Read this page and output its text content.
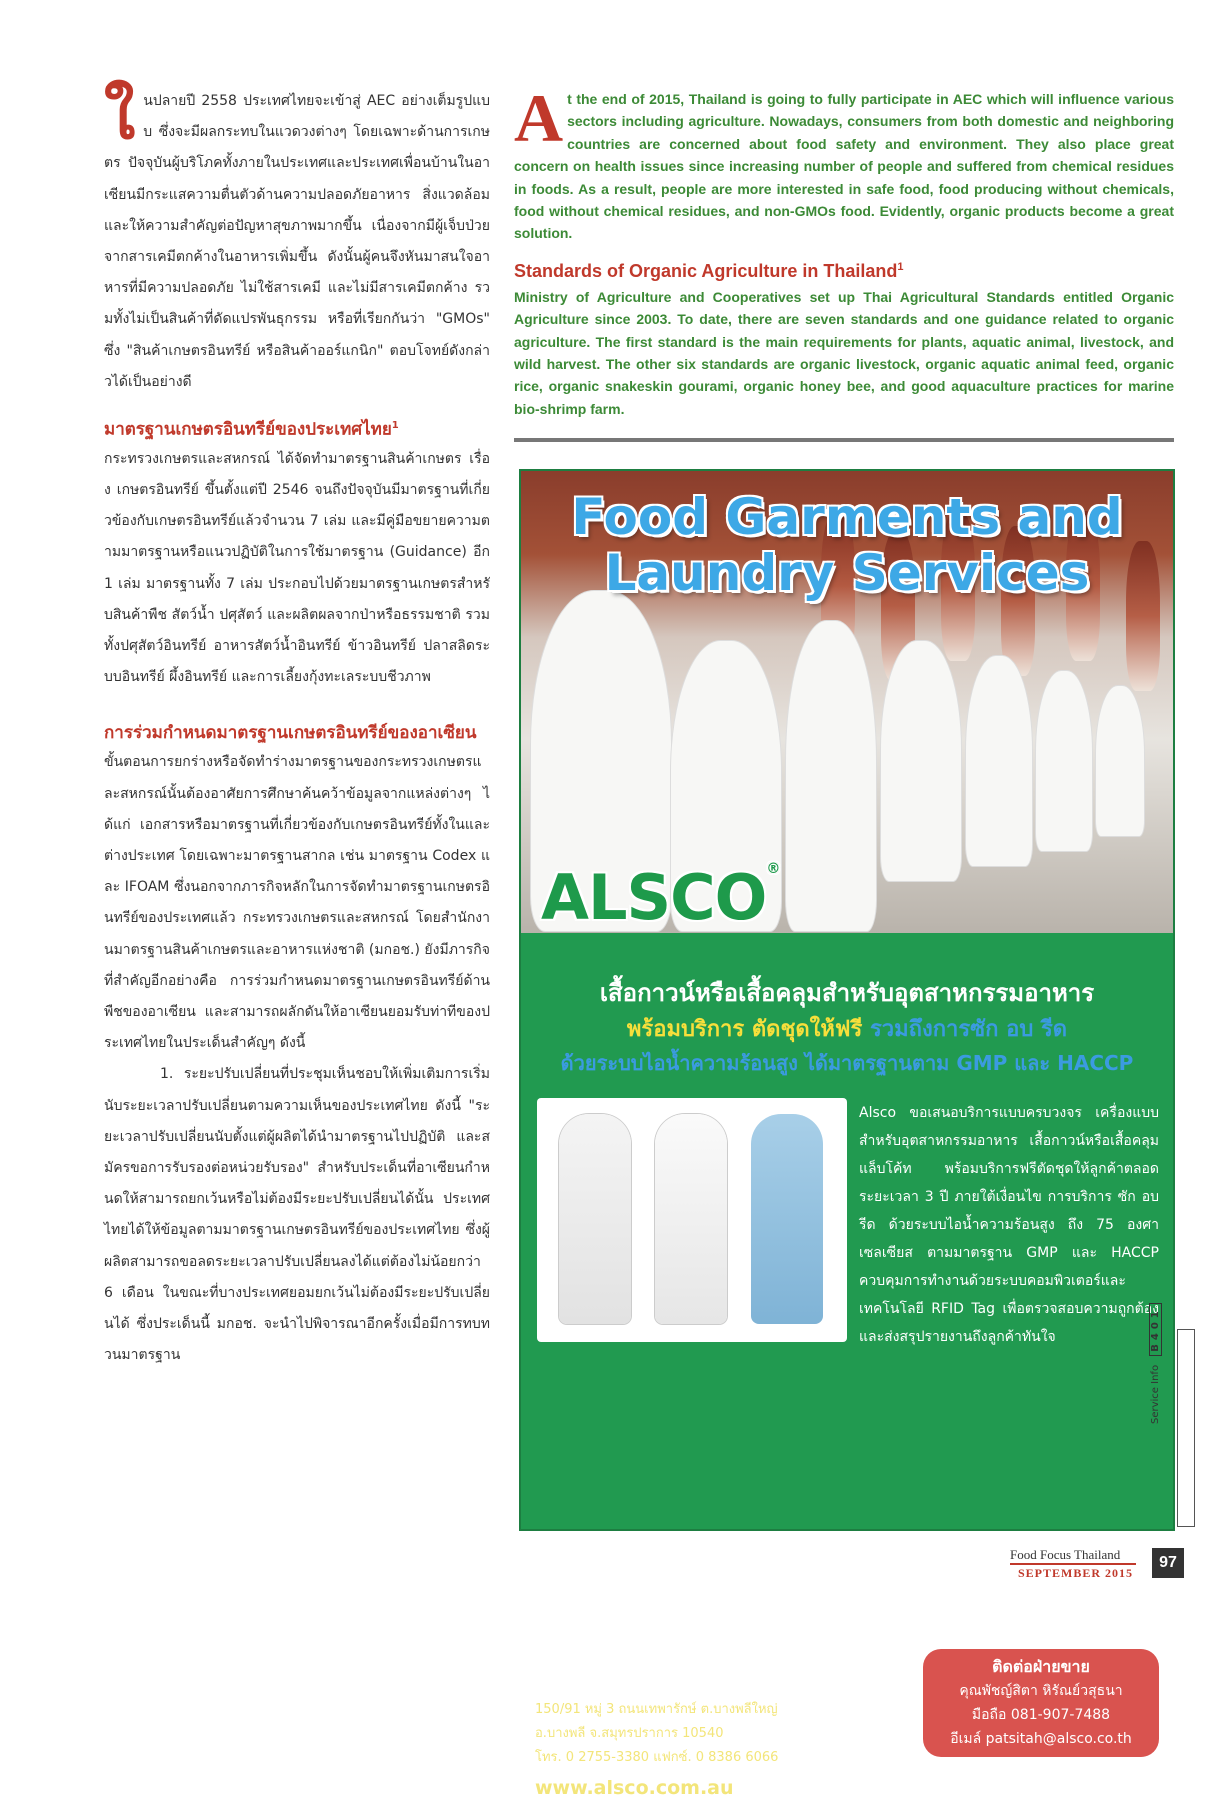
ในปลายปี 2558 ประเทศไทยจะเข้าสู่ AEC อย่างเต็มรูปแบบ ซึ่งจะมีผลกระทบในแวดวงต่างๆ โดยเฉพาะด้านการเกษตร ปัจจุบันผู้บริโภคทั้งภายในประเทศและประเทศเพื่อนบ้านในอาเซียนมีกระแสความตื่นตัวด้านความปลอดภัยอาหาร สิ่งแวดล้อม และให้ความสำคัญต่อปัญหาสุขภาพมากขึ้น เนื่องจากมีผู้เจ็บป่วยจากสารเคมีตกค้างในอาหารเพิ่มขึ้น ดังนั้นผู้คนจึงหันมาสนใจอาหารที่มีความปลอดภัย ไม่ใช้สารเคมี และไม่มีสารเคมีตกค้าง รวมทั้งไม่เป็นสินค้าที่ดัดแปรพันธุกรรม หรือที่เรียกกันว่า "GMOs" ซึ่ง "สินค้าเกษตรอินทรีย์ หรือสินค้าออร์แกนิก" ตอบโจทย์ดังกล่าวได้เป็นอย่างดี

มาตรฐานเกษตรอินทรีย์ของประเทศไทย$^1$

กระทรวงเกษตรและสหกรณ์ ได้จัดทำมาตรฐานสินค้าเกษตร เรื่อง เกษตรอินทรีย์ ขึ้นตั้งแต่ปี 2546 จนถึงปัจจุบันมีมาตรฐานที่เกี่ยวข้องกับเกษตรอินทรีย์แล้วจำนวน 7 เล่ม และมีคู่มือขยายความตามมาตรฐานหรือแนวปฏิบัติในการใช้มาตรฐาน (Guidance) อีก 1 เล่ม มาตรฐานทั้ง 7 เล่ม ประกอบไปด้วยมาตรฐานเกษตรสำหรับสินค้าพืช สัตว์น้ำ ปศุสัตว์ และผลิตผลจากป่าหรือธรรมชาติ รวมทั้งปศุสัตว์อินทรีย์ อาหารสัตว์น้ำอินทรีย์ ข้าวอินทรีย์ ปลาสลิดระบบอินทรีย์ ผึ้งอินทรีย์ และการเลี้ยงกุ้งทะเลระบบชีวภาพ

การร่วมกำหนดมาตรฐานเกษตรอินทรีย์ของอาเซียน

ขั้นตอนการยกร่างหรือจัดทำร่างมาตรฐานของกระทรวงเกษตรและสหกรณ์นั้นต้องอาศัยการศึกษาค้นคว้าข้อมูลจากแหล่งต่างๆ ได้แก่ เอกสารหรือมาตรฐานที่เกี่ยวข้องกับเกษตรอินทรีย์ทั้งในและต่างประเทศ โดยเฉพาะมาตรฐานสากล เช่น มาตรฐาน Codex และ IFOAM ซึ่งนอกจากภารกิจหลักในการจัดทำมาตรฐานเกษตรอินทรีย์ของประเทศแล้ว กระทรวงเกษตรและสหกรณ์ โดยสำนักงานมาตรฐานสินค้าเกษตรและอาหารแห่งชาติ (มกอช.) ยังมีภารกิจที่สำคัญอีกอย่างคือ การร่วมกำหนดมาตรฐานเกษตรอินทรีย์ด้านพืชของอาเซียน และสามารถผลักดันให้อาเซียนยอมรับท่าทีของประเทศไทยในประเด็นสำคัญๆ ดังนี้

1. ระยะปรับเปลี่ยนที่ประชุมเห็นชอบให้เพิ่มเติมการเริ่มนับระยะเวลาปรับเปลี่ยนตามความเห็นของประเทศไทย ดังนี้ "ระยะเวลาปรับเปลี่ยนนับตั้งแต่ผู้ผลิตได้นำมาตรฐานไปปฏิบัติ และสมัครขอการรับรองต่อหน่วยรับรอง" สำหรับประเด็นที่อาเซียนกำหนดให้สามารถยกเว้นหรือไม่ต้องมีระยะปรับเปลี่ยนได้นั้น ประเทศไทยได้ให้ข้อมูลตามมาตรฐานเกษตรอินทรีย์ของประเทศไทย ซึ่งผู้ผลิตสามารถขอลดระยะเวลาปรับเปลี่ยนลงได้แต่ต้องไม่น้อยกว่า 6 เดือน ในขณะที่บางประเทศยอมยกเว้นไม่ต้องมีระยะปรับเปลี่ยนได้ ซึ่งประเด็นนี้ มกอช. จะนำไปพิจารณาอีกครั้งเมื่อมีการทบทวนมาตรฐาน

At the end of 2015, Thailand is going to fully participate in AEC which will influence various sectors including agriculture. Nowadays, consumers from both domestic and neighboring countries are concerned about food safety and environment. They also place great concern on health issues since increasing number of people and suffered from chemical residues in foods. As a result, people are more interested in safe food, food producing without chemicals, food without chemical residues, and non-GMOs food. Evidently, organic products become a great solution.

Standards of Organic Agriculture in Thailand$^1$

Ministry of Agriculture and Cooperatives set up Thai Agricultural Standards entitled Organic Agriculture since 2003. To date, there are seven standards and one guidance related to organic agriculture. The first standard is the main requirements for plants, aquatic animal, livestock, and wild harvest. The other six standards are organic livestock, organic aquatic animal feed, organic rice, organic snakeskin gourami, organic honey bee, and good aquaculture practices for marine bio-shrimp farm.

Food Garments and
Laundry Services
ALSCO®
เสื้อกาวน์หรือเสื้อคลุมสำหรับอุตสาหกรรมอาหาร
พร้อมบริการ ตัดชุดให้ฟรี รวมถึงการซัก อบ รีด
ด้วยระบบไอน้ำความร้อนสูง ได้มาตรฐานตาม GMP และ HACCP

Alsco ขอเสนอบริการแบบครบวงจร เครื่องแบบสำหรับอุตสาหกรรมอาหาร เสื้อกาวน์หรือเสื้อคลุม แล็บโค้ท พร้อมบริการฟรีตัดชุดให้ลูกค้าตลอดระยะเวลา 3 ปี ภายใต้เงื่อนไข การบริการ ซัก อบ รีด ด้วยระบบไอน้ำความร้อนสูง ถึง 75 องศาเซลเซียส ตามมาตรฐาน GMP และ HACCP ควบคุมการทำงานด้วยระบบคอมพิวเตอร์และเทคโนโลยี RFID Tag เพื่อตรวจสอบความถูกต้องและส่งสรุปรายงานถึงลูกค้าทันใจ

บริษัท อัลส์โก เท็กซ์ไทล์ เซอร์วิส จำกัด
150/91 หมู่ 3 ถนนเทพารักษ์ ต.บางพลีใหญ่
อ.บางพลี จ.สมุทรปราการ 10540
โทร. 0 2755-3380 แฟกซ์. 0 8386 6066
www.alsco.com.au
ติดต่อฝ่ายขาย
คุณพัชญ์สิตา หิรัณย์วสุธนา
มือถือ 081-907-7488
อีเมล์ patsitah@alsco.co.th
Service Info B401
Food Focus Thailand
SEPTEMBER 2015
97
